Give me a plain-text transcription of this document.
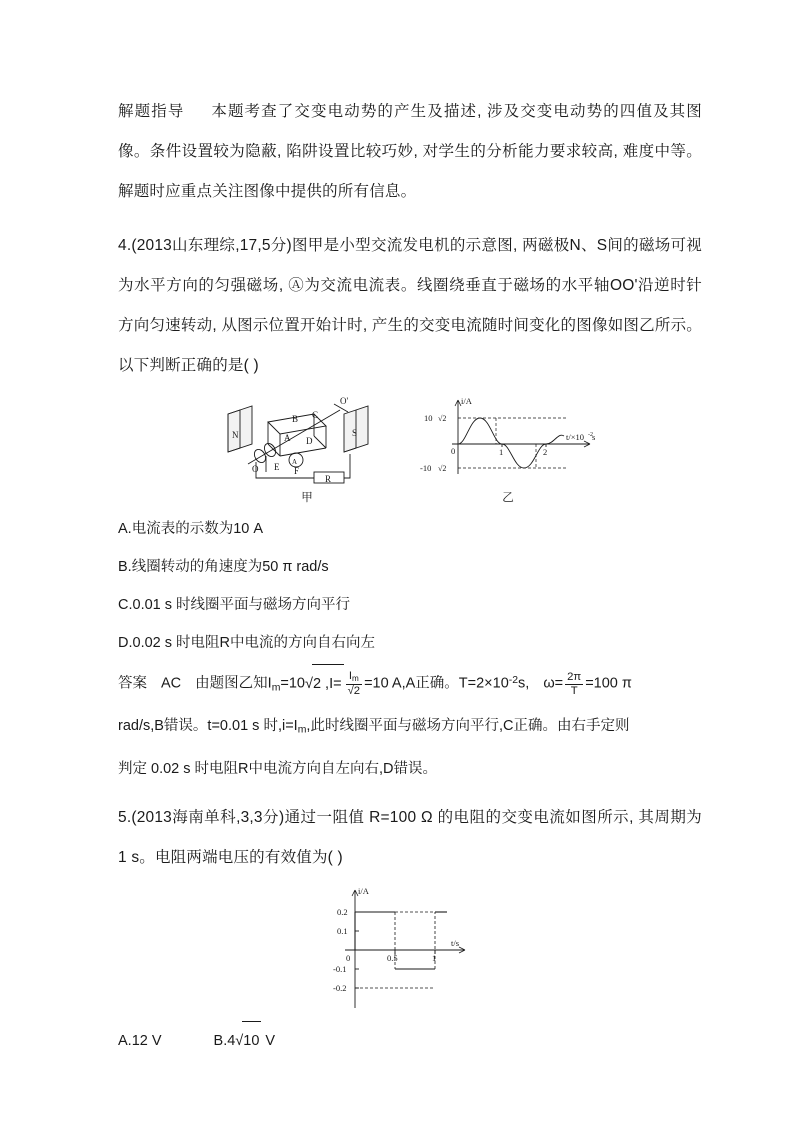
解题指导 本题考查了交变电动势的产生及描述, 涉及交变电动势的四值及其图像。条件设置较为隐蔽, 陷阱设置比较巧妙, 对学生的分析能力要求较高, 难度中等。解题时应重点关注图像中提供的所有信息。

4.(2013山东理综,17,5分)图甲是小型交流发电机的示意图, 两磁极N、S间的磁场可视为水平方向的匀强磁场, Ⓐ为交流电流表。线圈绕垂直于磁场的水平轴OO'沿逆时针方向匀速转动, 从图示位置开始计时, 产生的交变电流随时间变化的图像如图乙所示。以下判断正确的是( )

N	S
B C
A D
E F
O
O'
R
A
甲
i/A
10 √2
-10 √2
0	1	2
t/×10 -2 s
乙

A.电流表的示数为10 A

B.线圈转动的角速度为50 π rad/s

C.0.01 s 时线圈平面与磁场方向平行

D.0.02 s 时电阻R中电流的方向自右向左

答案 AC 由题图乙知$I_m=10√2$ $,I= \frac{I_m}{√2} =10$ A,A正确。$T=2\times 10^{-2}s$, $\omega= \frac{2\pi}{T} =100$ π

rad/s,B错误。t=0.01 s 时$,i=I_m$,此时线圈平面与磁场方向平行,C正确。由右手定则

判定 0.02 s 时电阻R中电流方向自左向右,D错误。

5.(2013海南单科,3,3分)通过一阻值 R=100 Ω 的电阻的交变电流如图所示, 其周期为1 s。电阻两端电压的有效值为( )

i/A
0.2
0.1
-0.1
-0.2
0	0.5	1
t/s

A.12 V	B.4√10 V
